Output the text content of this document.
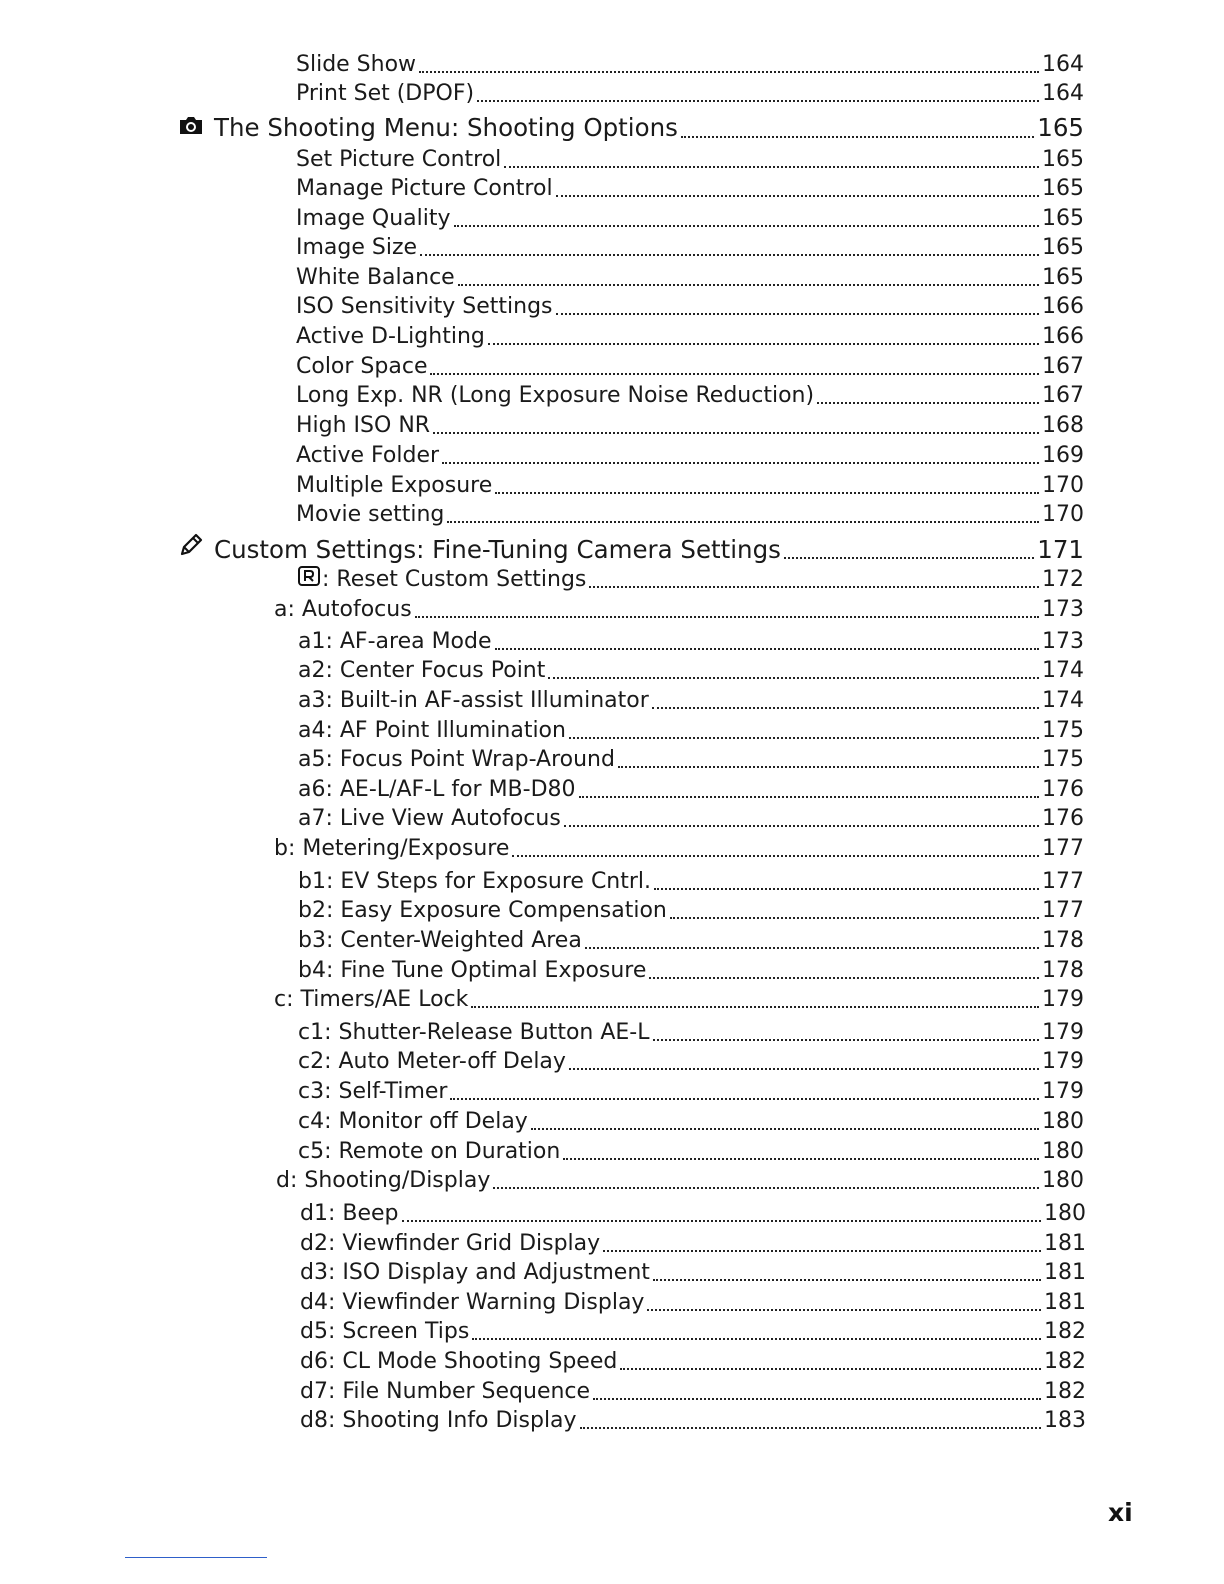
Slide Show	164
Print Set (DPOF)	164
The Shooting Menu: Shooting Options	165
Set Picture Control	165
Manage Picture Control	165
Image Quality	165
Image Size	165
White Balance	165
ISO Sensitivity Settings	166
Active D-Lighting	166
Color Space	167
Long Exp. NR (Long Exposure Noise Reduction)	167
High ISO NR	168
Active Folder	169
Multiple Exposure	170
Movie setting	170
Custom Settings: Fine-Tuning Camera Settings	171
: Reset Custom Settings	172
a: Autofocus	173
a1: AF-area Mode	173
a2: Center Focus Point	174
a3: Built-in AF-assist Illuminator	174
a4: AF Point Illumination	175
a5: Focus Point Wrap-Around	175
a6: AE-L/AF-L for MB-D80	176
a7: Live View Autofocus	176
b: Metering/Exposure	177
b1: EV Steps for Exposure Cntrl.	177
b2: Easy Exposure Compensation	177
b3: Center-Weighted Area	178
b4: Fine Tune Optimal Exposure	178
c: Timers/AE Lock	179
c1: Shutter-Release Button AE-L	179
c2: Auto Meter-off Delay	179
c3: Self-Timer	179
c4: Monitor off Delay	180
c5: Remote on Duration	180
d: Shooting/Display	180
d1: Beep	180
d2: Viewfinder Grid Display	181
d3: ISO Display and Adjustment	181
d4: Viewfinder Warning Display	181
d5: Screen Tips	182
d6: CL Mode Shooting Speed	182
d7: File Number Sequence	182
d8: Shooting Info Display	183
xi
